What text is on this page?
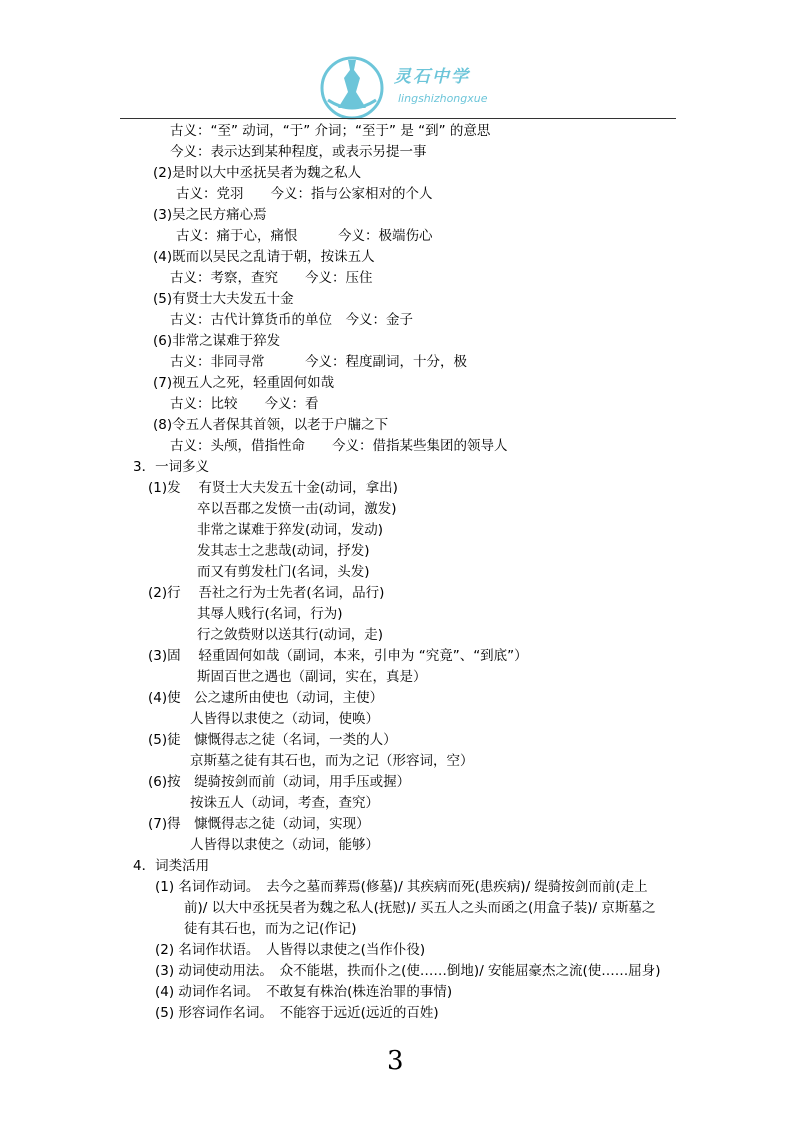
灵石中学
lingshizhongxue
古义：“至” 动词，“于” 介词；“至于” 是 “到” 的意思
今义：表示达到某种程度，或表示另提一事
(2)是时以大中丞抚吴者为魏之私人
古义：党羽　　今义：指与公家相对的个人
(3)吴之民方痛心焉
古义：痛于心，痛恨　　　今义：极端伤心
(4)既而以吴民之乱请于朝，按诛五人
古义：考察，查究　　今义：压住
(5)有贤士大夫发五十金
古义：古代计算货币的单位　今义：金子
(6)非常之谋难于猝发
古义：非同寻常　　　今义：程度副词，十分，极
(7)视五人之死，轻重固何如哉
古义：比较　　今义：看
(8)令五人者保其首领，以老于户牖之下
古义：头颅，借指性命　　今义：借指某些集团的领导人
3．一词多义
(1)发　 有贤士大夫发五十金(动词，拿出)
卒以吾郡之发愤一击(动词，激发)
非常之谋难于猝发(动词，发动)
发其志士之悲哉(动词，抒发)
而又有剪发杜门(名词，头发)
(2)行　 吾社之行为士先者(名词，品行)
其辱人贱行(名词，行为)
行之敛赀财以送其行(动词，走)
(3)固　 轻重固何如哉（副词，本来，引申为 “究竟”、“到底”）
斯固百世之遇也（副词，实在，真是）
(4)使　公之逮所由使也（动词，主使）
人皆得以隶使之（动词，使唤）
(5)徒　慷慨得志之徒（名词，一类的人）
京斯墓之徒有其石也，而为之记（形容词，空）
(6)按　缇骑按剑而前（动词，用手压或握）
按诛五人（动词，考查，查究）
(7)得　慷慨得志之徒（动词，实现）
人皆得以隶使之（动词，能够）
4．词类活用
(1) 名词作动词。　去今之墓而葬焉(修墓)/ 其疾病而死(患疾病)/ 缇骑按剑而前(走上
前)/ 以大中丞抚吴者为魏之私人(抚慰)/ 买五人之头而函之(用盒子装)/ 京斯墓之
徒有其石也，而为之记(作记)
(2) 名词作状语。　人皆得以隶使之(当作仆役)
(3) 动词使动用法。　众不能堪，抶而仆之(使……倒地)/ 安能屈豪杰之流(使……屈身)
(4) 动词作名词。　不敢复有株治(株连治罪的事情)
(5) 形容词作名词。　不能容于远近(远近的百姓)
3
